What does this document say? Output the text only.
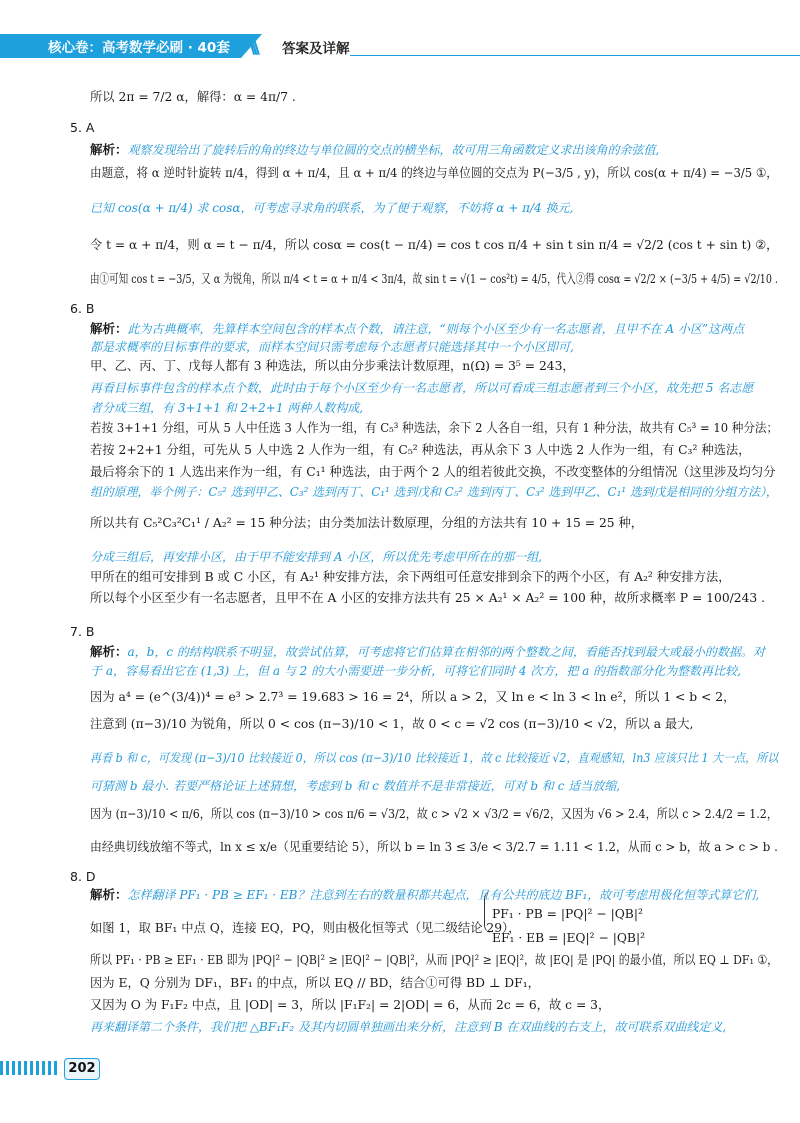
核心卷：高考数学必刷 · 40套 \\\ 答案及详解
所以 2π = 7/2 α，解得：α = 4π/7 .
5. A
解析：观察发现给出了旋转后的角的终边与单位圆的交点的横坐标，故可用三角函数定义求出该角的余弦值,
由题意，将 α 逆时针旋转 π/4，得到 α + π/4，且 α + π/4 的终边与单位圆的交点为 P(−3/5 , y)，所以 cos(α + π/4) = −3/5 ①，
已知 cos(α + π/4) 求 cosα，可考虑寻求角的联系，为了便于观察，不妨将 α + π/4 换元,
令 t = α + π/4，则 α = t − π/4，所以 cosα = cos(t − π/4) = cos t cos π/4 + sin t sin π/4 = √2/2 (cos t + sin t) ②，
由①可知 cos t = −3/5，又 α 为锐角，所以 π/4 < t = α + π/4 < 3π/4，故 sin t = √(1 − cos²t) = 4/5，代入②得 cosα = √2/2 × (−3/5 + 4/5) = √2/10 .
6. B
解析：此为古典概率，先算样本空间包含的样本点个数，请注意，“则每个小区至少有一名志愿者，且甲不在 A 小区”这两点
都是求概率的目标事件的要求，而样本空间只需考虑每个志愿者只能选择其中一个小区即可,
甲、乙、丙、丁、戊每人都有 3 种选法，所以由分步乘法计数原理，n(Ω) = 3⁵ = 243，
再看目标事件包含的样本点个数，此时由于每个小区至少有一名志愿者，所以可看成三组志愿者到三个小区，故先把 5 名志愿
者分成三组，有 3+1+1 和 2+2+1 两种人数构成,
若按 3+1+1 分组，可从 5 人中任选 3 人作为一组，有 C₅³ 种选法，余下 2 人各自一组，只有 1 种分法，故共有 C₅³ = 10 种分法；
若按 2+2+1 分组，可先从 5 人中选 2 人作为一组，有 C₅² 种选法，再从余下 3 人中选 2 人作为一组，有 C₃² 种选法，
最后将余下的 1 人选出来作为一组，有 C₁¹ 种选法，由于两个 2 人的组若彼此交换，不改变整体的分组情况（这里涉及均匀分
组的原理，举个例子：C₅² 选到甲乙、C₃² 选到丙丁、C₁¹ 选到戊和 C₅² 选到丙丁、C₃² 选到甲乙、C₁¹ 选到戊是相同的分组方法），
所以共有 C₅²C₃²C₁¹ / A₂² = 15 种分法；由分类加法计数原理，分组的方法共有 10 + 15 = 25 种，
分成三组后，再安排小区，由于甲不能安排到 A 小区，所以优先考虑甲所在的那一组,
甲所在的组可安排到 B 或 C 小区，有 A₂¹ 种安排方法，余下两组可任意安排到余下的两个小区，有 A₂² 种安排方法，
所以每个小区至少有一名志愿者，且甲不在 A 小区的安排方法共有 25 × A₂¹ × A₂² = 100 种，故所求概率 P = 100/243 .
7. B
解析：a，b，c 的结构联系不明显，故尝试估算，可考虑将它们估算在相邻的两个整数之间，看能否找到最大或最小的数据。对
于 a，容易看出它在 (1,3) 上，但 a 与 2 的大小需要进一步分析，可将它们同时 4 次方，把 a 的指数部分化为整数再比较,
因为 a⁴ = (e^(3/4))⁴ = e³ > 2.7³ = 19.683 > 16 = 2⁴，所以 a > 2，又 ln e < ln 3 < ln e²，所以 1 < b < 2，
注意到 (π−3)/10 为锐角，所以 0 < cos (π−3)/10 < 1，故 0 < c = √2 cos (π−3)/10 < √2，所以 a 最大,
再看 b 和 c，可发现 (π−3)/10 比较接近 0，所以 cos (π−3)/10 比较接近 1，故 c 比较接近 √2，直观感知，ln3 应该只比 1 大一点，所以
可猜测 b 最小. 若要严格论证上述猜想，考虑到 b 和 c 数值并不是非常接近，可对 b 和 c 适当放缩,
因为 (π−3)/10 < π/6，所以 cos (π−3)/10 > cos π/6 = √3/2，故 c > √2 × √3/2 = √6/2，又因为 √6 > 2.4，所以 c > 2.4/2 = 1.2，
由经典切线放缩不等式，ln x ≤ x/e（见重要结论 5），所以 b = ln 3 ≤ 3/e < 3/2.7 = 1.11 < 1.2，从而 c > b，故 a > c > b .
8. D
解析：怎样翻译 PF₁ · PB ≥ EF₁ · EB？注意到左右的数量积都共起点，且有公共的底边 BF₁，故可考虑用极化恒等式算它们,
如图 1，取 BF₁ 中点 Q，连接 EQ，PQ，则由极化恒等式（见二级结论 29），
PF₁ · PB = |PQ|² − |QB|²
EF₁ · EB = |EQ|² − |QB|²
所以 PF₁ · PB ≥ EF₁ · EB 即为 |PQ|² − |QB|² ≥ |EQ|² − |QB|²，从而 |PQ|² ≥ |EQ|²，故 |EQ| 是 |PQ| 的最小值，所以 EQ ⊥ DF₁ ①，
因为 E，Q 分别为 DF₁，BF₁ 的中点，所以 EQ // BD，结合①可得 BD ⊥ DF₁，
又因为 O 为 F₁F₂ 中点，且 |OD| = 3，所以 |F₁F₂| = 2|OD| = 6，从而 2c = 6，故 c = 3，
再来翻译第二个条件，我们把 △BF₁F₂ 及其内切圆单独画出来分析，注意到 B 在双曲线的右支上，故可联系双曲线定义,
202
